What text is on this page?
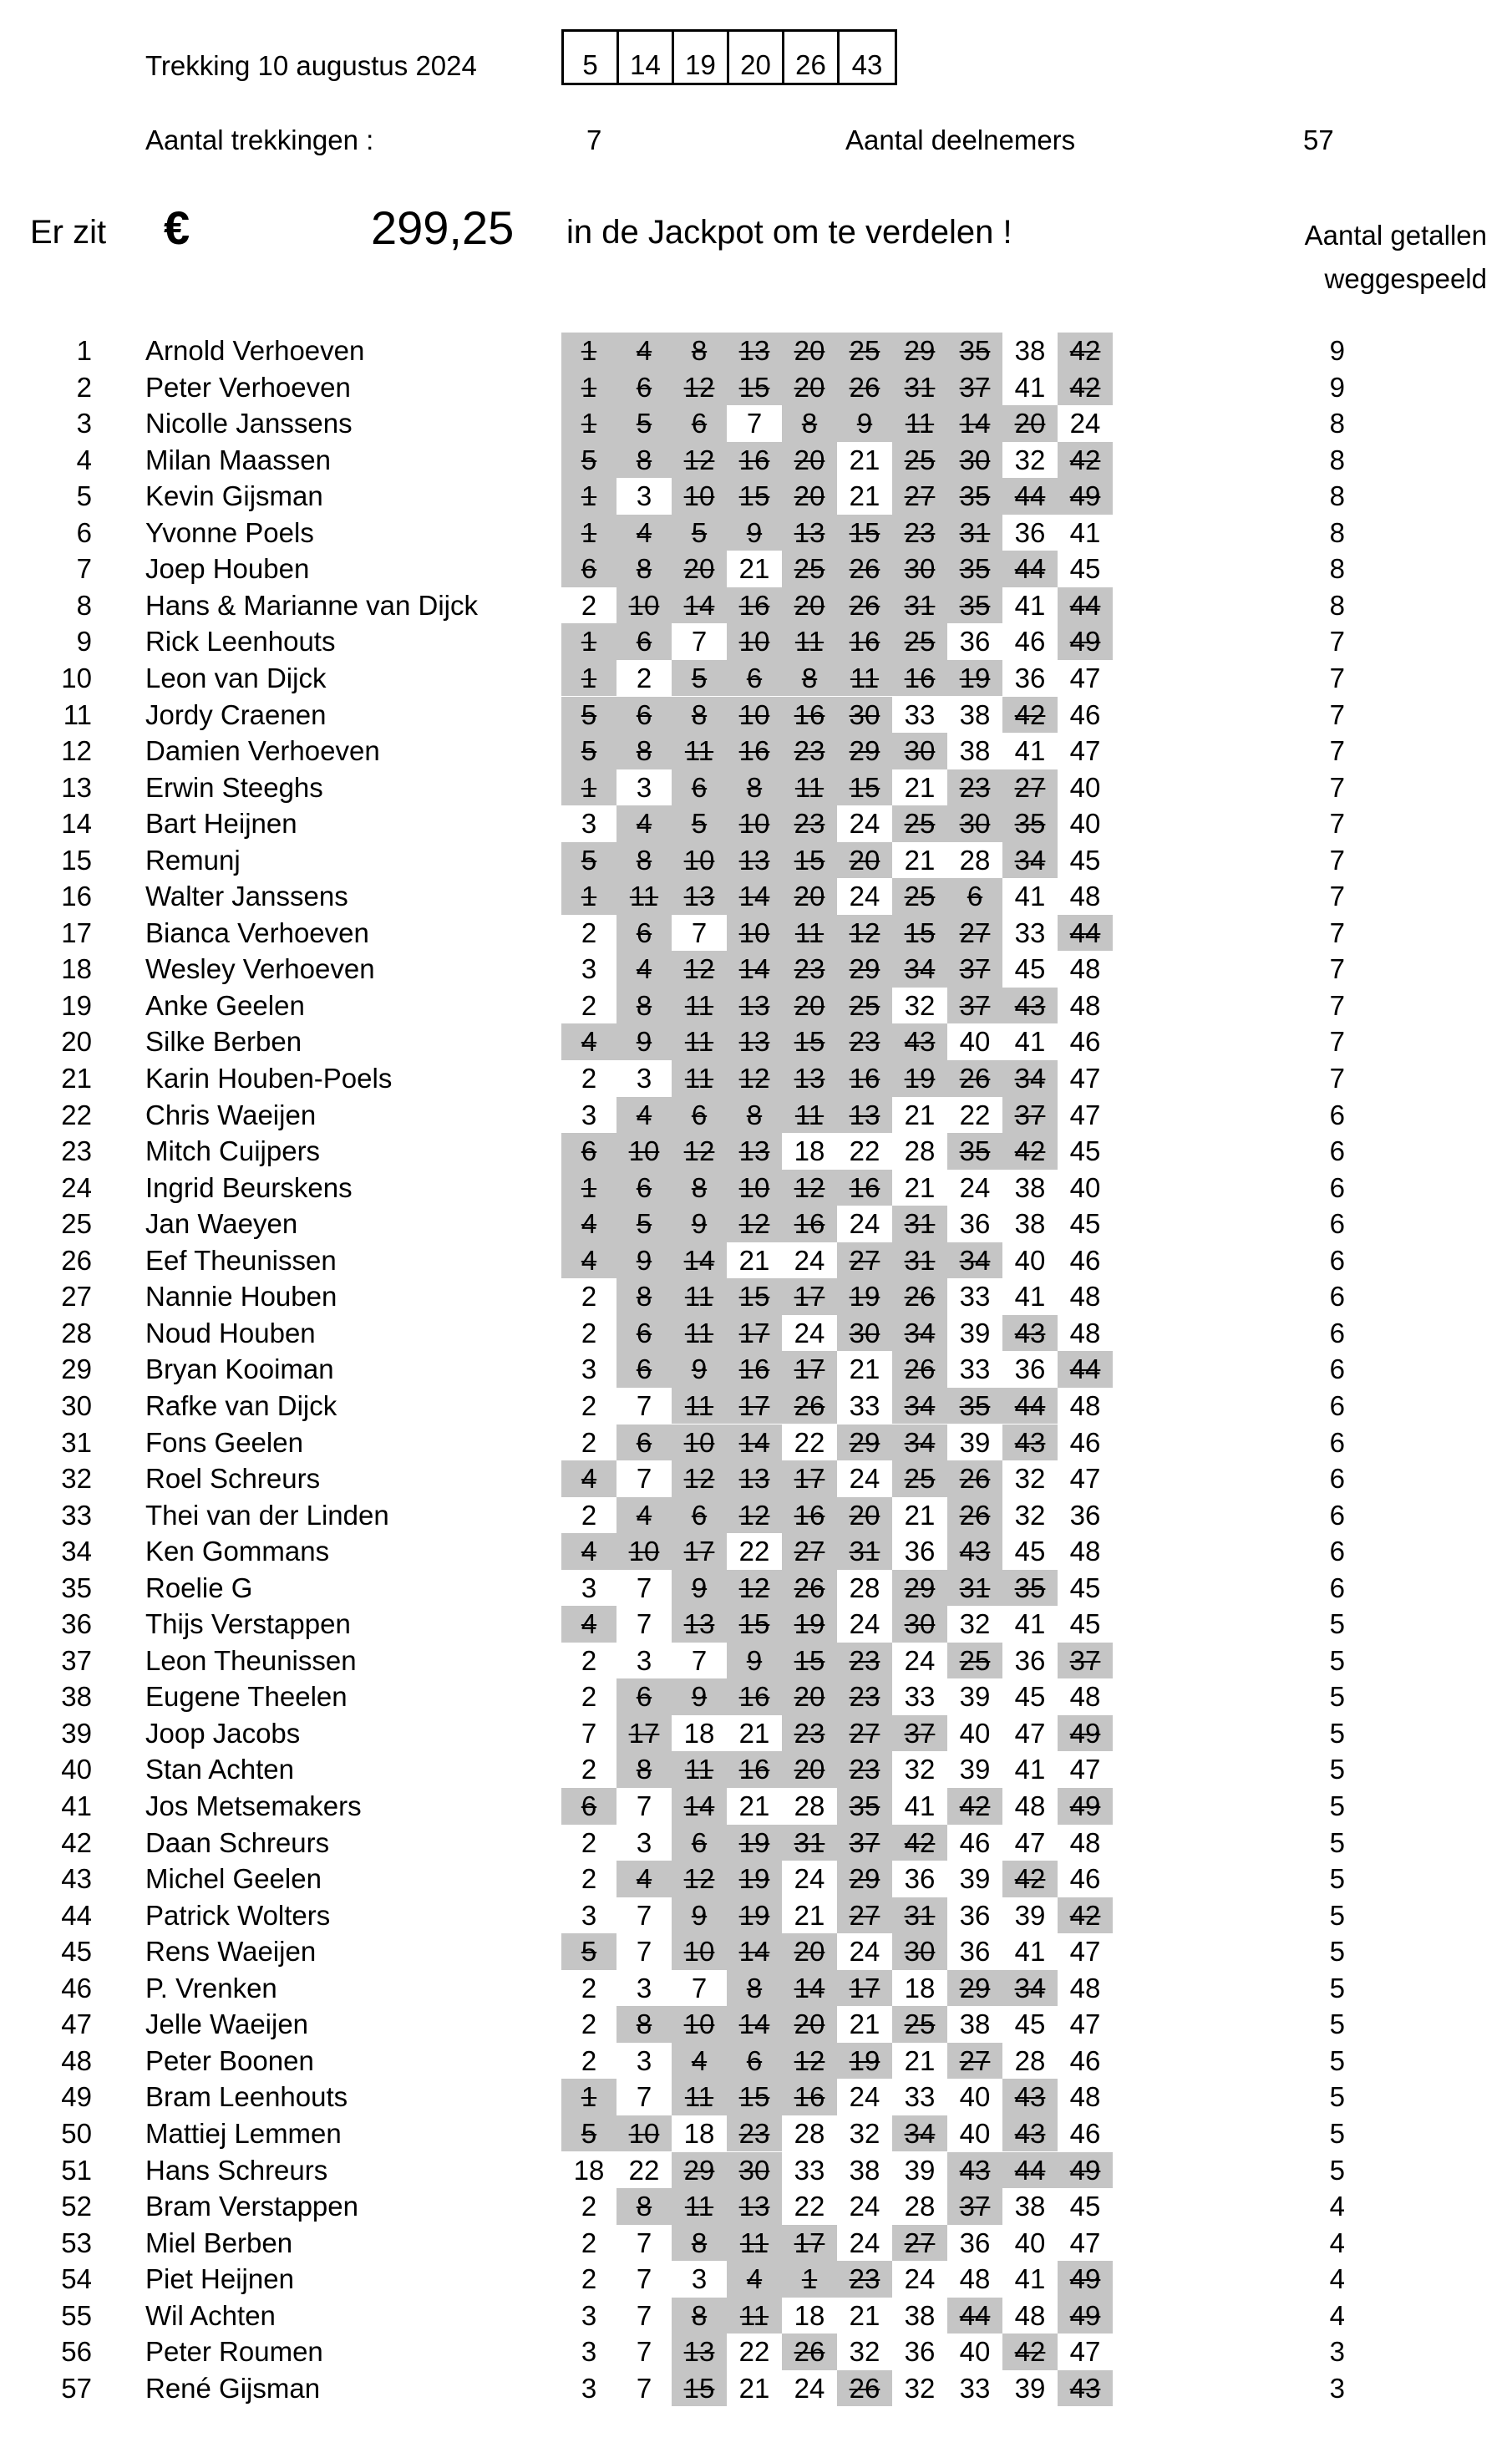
Trekking 10 augustus 2024	5	14 19 20 26 43
Aantal trekkingen :	7	Aantal deelnemers	57
Er zit €	299,25 in de Jackpot om te verdelen !	Aantal getallen
weggespeeld
1 Arnold Verhoeven	1	4	8	13 20 25 29 35 38 42	9
2 Peter Verhoeven	1	6	12 15 20 26 31 37 41 42	9
3 Nicolle Janssens	1	5	6	7	8	9	11 14 20 24	8
4 Milan Maassen	5	8	12 16 20 21 25 30 32 42	8
5 Kevin Gijsman	1	3	10 15 20 21 27 35 44 49	8
6 Yvonne Poels	1	4	5	9	13 15 23 31 36 41	8
7 Joep Houben	6	8	20 21 25 26 30 35 44 45	8
8 Hans & Marianne van Dijck	2	10 14 16 20 26 31 35 41 44	8
9 Rick Leenhouts	1	6	7	10 11 16 25 36 46 49	7
10 Leon van Dijck	1	2	5	6	8	11 16 19 36 47	7
11 Jordy Craenen	5	6	8	10 16 30 33 38 42 46	7
12 Damien Verhoeven	5	8	11 16 23 29 30 38 41 47	7
13 Erwin Steeghs	1	3	6	8	11 15 21 23 27 40	7
14 Bart Heijnen	3	4	5	10 23 24 25 30 35 40	7
15 Remunj	5	8	10 13 15 20 21 28 34 45	7
16 Walter Janssens	1	11 13 14 20 24 25	6	41 48	7
17 Bianca Verhoeven	2	6	7	10 11 12 15 27 33 44	7
18 Wesley Verhoeven	3	4	12 14 23 29 34 37 45 48	7
19 Anke Geelen	2	8	11 13 20 25 32 37 43 48	7
20 Silke Berben	4	9	11 13 15 23 43 40 41 46	7
21 Karin Houben-Poels	2	3	11 12 13 16 19 26 34 47	7
22 Chris Waeijen	3	4	6	8	11 13 21 22 37 47	6
23 Mitch Cuijpers	6	10 12 13 18 22 28 35 42 45	6
24 Ingrid Beurskens	1	6	8	10 12 16 21 24 38 40	6
25 Jan Waeyen	4	5	9	12 16 24 31 36 38 45	6
26 Eef Theunissen	4	9	14 21 24 27 31 34 40 46	6
27 Nannie Houben	2	8	11 15 17 19 26 33 41 48	6
28 Noud Houben	2	6	11 17 24 30 34 39 43 48	6
29 Bryan Kooiman	3	6	9	16 17 21 26 33 36 44	6
30 Rafke van Dijck	2	7	11 17 26 33 34 35 44 48	6
31 Fons Geelen	2	6	10 14 22 29 34 39 43 46	6
32 Roel Schreurs	4	7	12 13 17 24 25 26 32 47	6
33 Thei van der Linden	2	4	6	12 16 20 21 26 32 36	6
34 Ken Gommans	4	10 17 22 27 31 36 43 45 48	6
35 Roelie G	3	7	9	12 26 28 29 31 35 45	6
36 Thijs Verstappen	4	7	13 15 19 24 30 32 41 45	5
37 Leon Theunissen	2	3	7	9	15 23 24 25 36 37	5
38 Eugene Theelen	2	6	9	16 20 23 33 39 45 48	5
39 Joop Jacobs	7	17 18 21 23 27 37 40 47 49	5
40 Stan Achten	2	8	11 16 20 23 32 39 41 47	5
41 Jos Metsemakers	6	7	14 21 28 35 41 42 48 49	5
42 Daan Schreurs	2	3	6	19 31 37 42 46 47 48	5
43 Michel Geelen	2	4	12 19 24 29 36 39 42 46	5
44 Patrick Wolters	3	7	9	19 21 27 31 36 39 42	5
45 Rens Waeijen	5	7	10 14 20 24 30 36 41 47	5
46 P. Vrenken	2	3	7	8	14 17 18 29 34 48	5
47 Jelle Waeijen	2	8	10 14 20 21 25 38 45 47	5
48 Peter Boonen	2	3	4	6	12 19 21 27 28 46	5
49 Bram Leenhouts	1	7	11 15 16 24 33 40 43 48	5
50 Mattiej Lemmen	5	10 18 23 28 32 34 40 43 46	5
51 Hans Schreurs	18 22 29 30 33 38 39 43 44 49	5
52 Bram Verstappen	2	8	11 13 22 24 28 37 38 45	4
53 Miel Berben	2	7	8	11 17 24 27 36 40 47	4
54 Piet Heijnen	2	7	3	4	1	23 24 48 41 49	4
55 Wil Achten	3	7	8	11 18 21 38 44 48 49	4
56 Peter Roumen	3	7	13 22 26 32 36 40 42 47	3
57 René Gijsman	3	7	15 21 24 26 32 33 39 43	3
